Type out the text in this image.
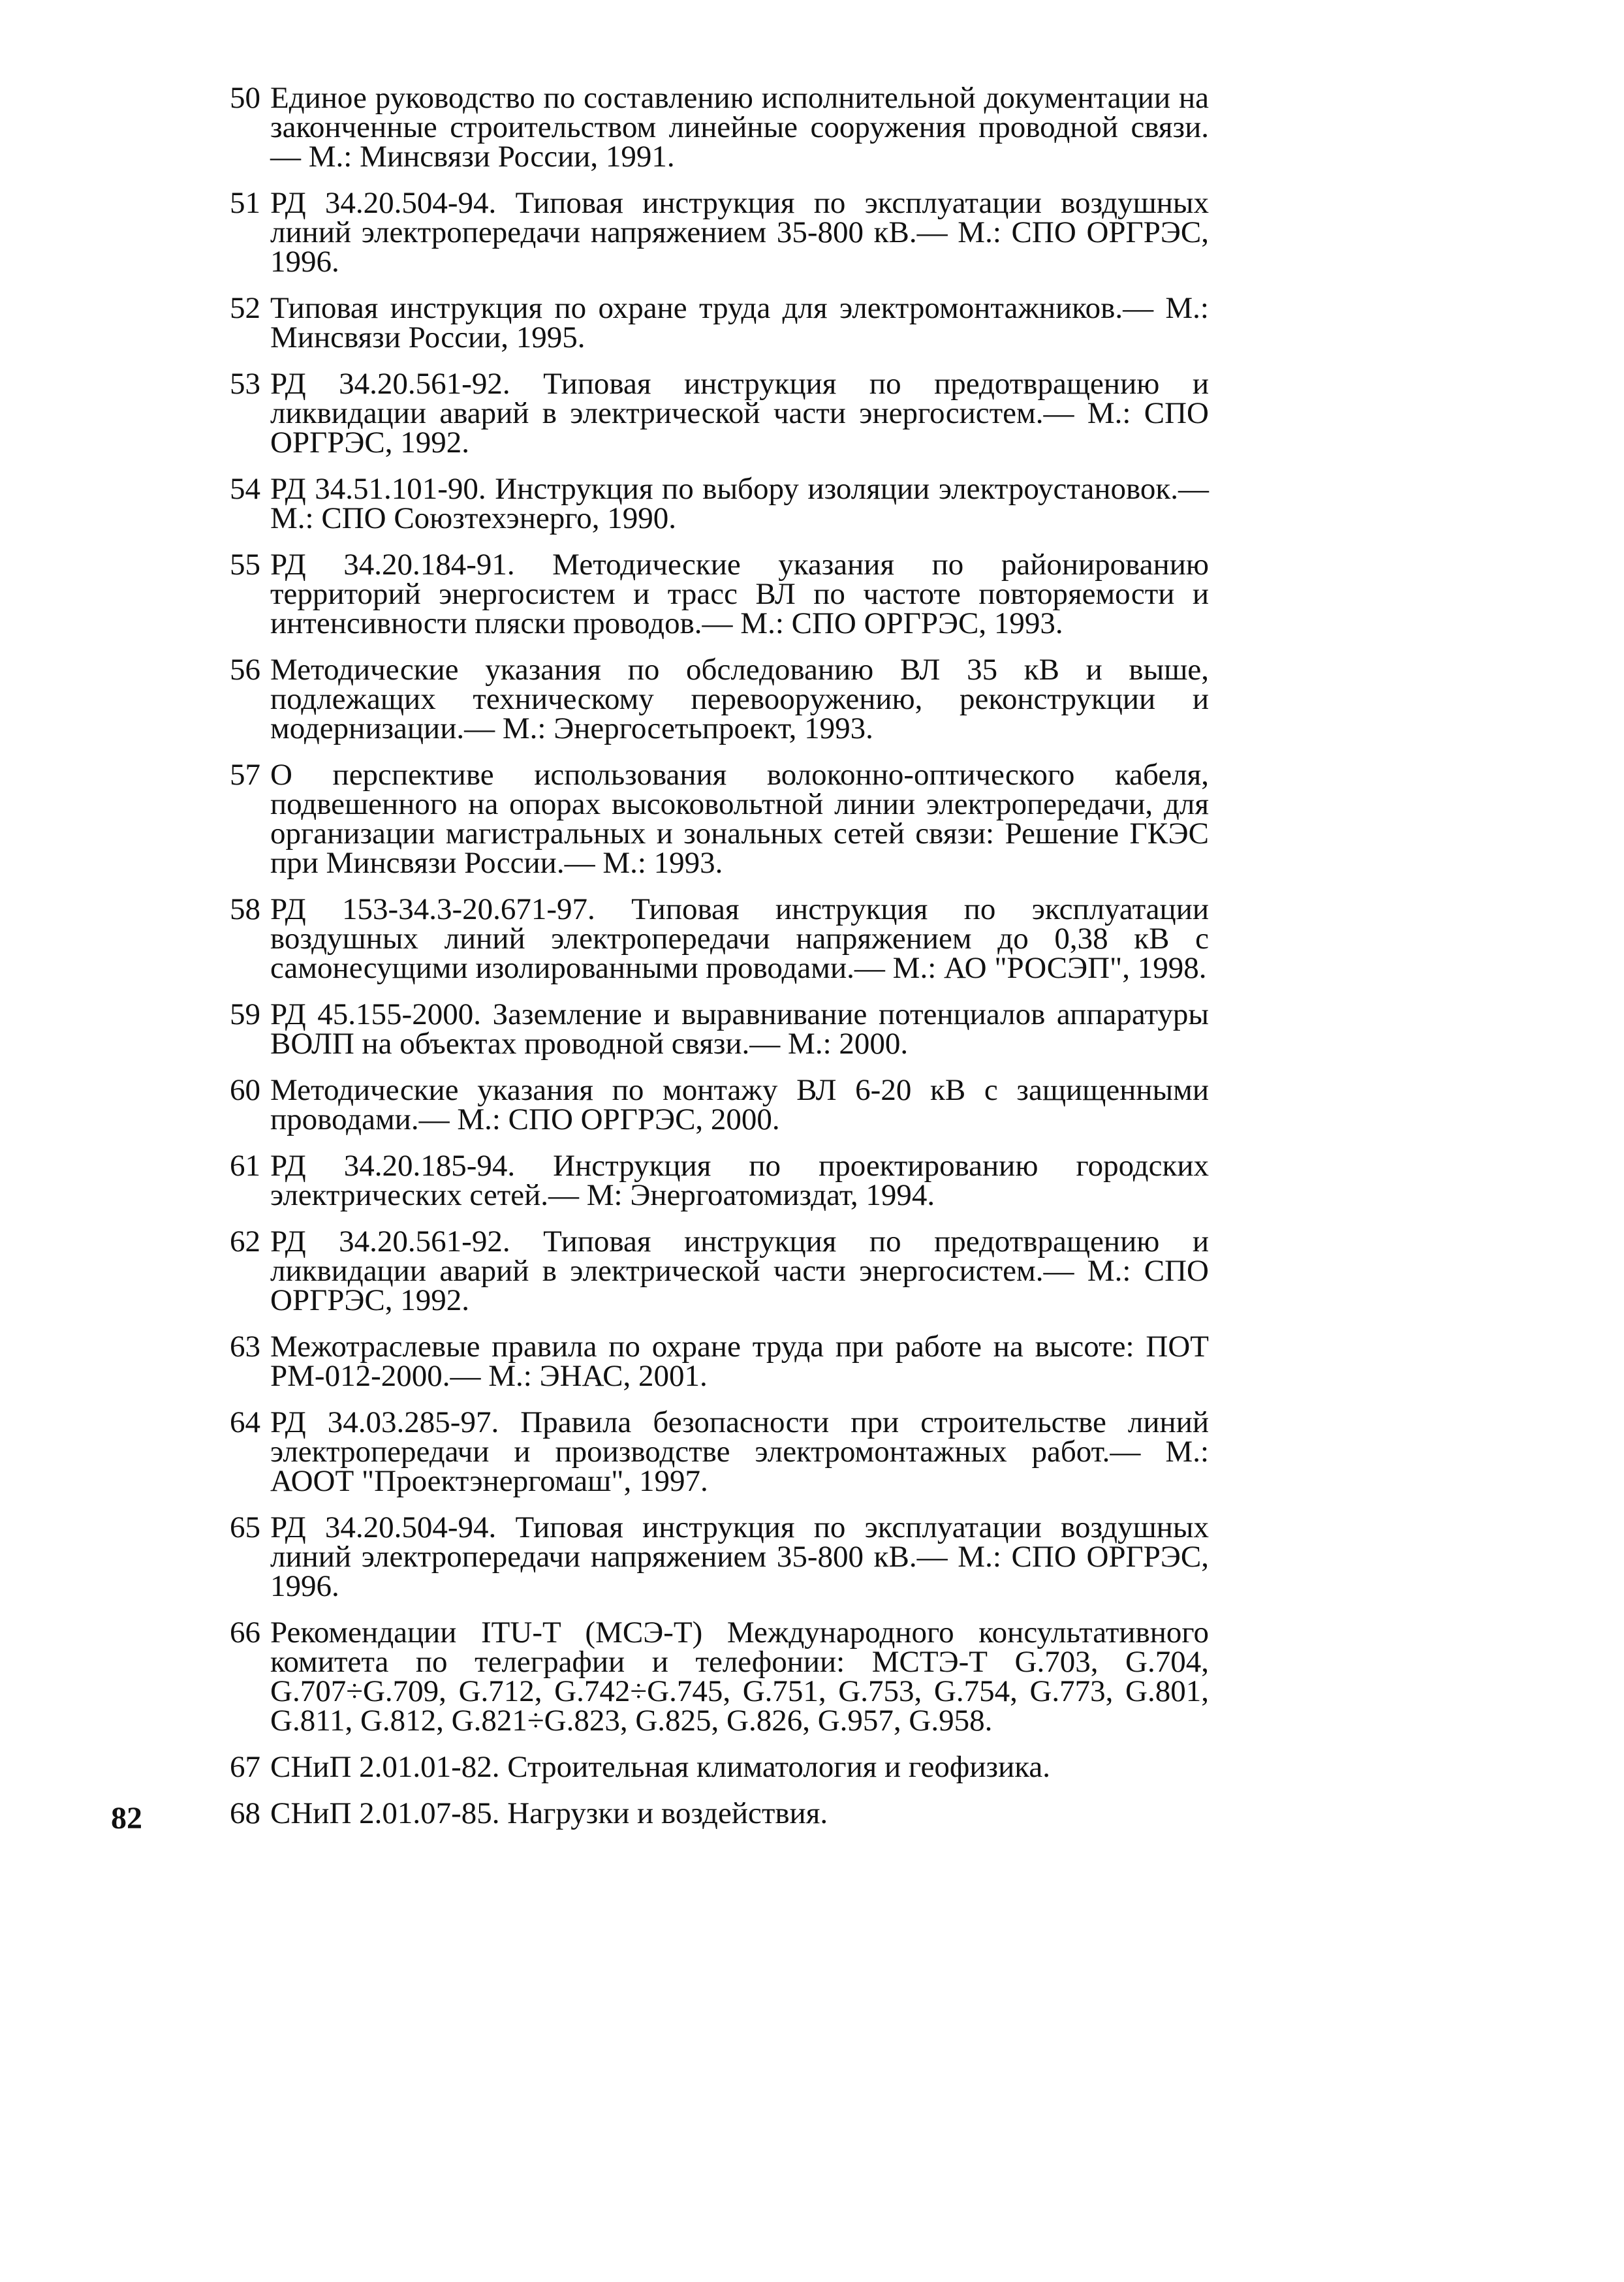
50 Единое руководство по составлению исполнительной документации на законченные строительством линейные сооружения проводной связи.— М.: Минсвязи России, 1991.
51 РД 34.20.504-94. Типовая инструкция по эксплуатации воздушных линий электропередачи напряжением 35-800 кВ.— М.: СПО ОРГРЭС, 1996.
52 Типовая инструкция по охране труда для электромонтажников.— М.: Минсвязи России, 1995.
53 РД 34.20.561-92. Типовая инструкция по предотвращению и ликвидации аварий в электрической части энергосистем.— М.: СПО ОРГРЭС, 1992.
54 РД 34.51.101-90. Инструкция по выбору изоляции электроустановок.— М.: СПО Союзтехэнерго, 1990.
55 РД 34.20.184-91. Методические указания по районированию территорий энергосистем и трасс ВЛ по частоте повторяемости и интенсивности пляски проводов.— М.: СПО ОРГРЭС, 1993.
56 Методические указания по обследованию ВЛ 35 кВ и выше, подлежащих техническому перевооружению, реконструкции и модернизации.— М.: Энергосетьпроект, 1993.
57 О перспективе использования волоконно-оптического кабеля, подвешенного на опорах высоковольтной линии электропередачи, для организации магистральных и зональных сетей связи: Решение ГКЭС при Минсвязи России.— М.: 1993.
58 РД 153-34.3-20.671-97. Типовая инструкция по эксплуатации воздушных линий электропередачи напряжением до 0,38 кВ с самонесущими изолированными проводами.— М.: АО "РОСЭП", 1998.
59 РД 45.155-2000. Заземление и выравнивание потенциалов аппаратуры ВОЛП на объектах проводной связи.— М.: 2000.
60 Методические указания по монтажу ВЛ 6-20 кВ с защищенными проводами.— М.: СПО ОРГРЭС, 2000.
61 РД 34.20.185-94. Инструкция по проектированию городских электрических сетей.— М: Энергоатомиздат, 1994.
62 РД 34.20.561-92. Типовая инструкция по предотвращению и ликвидации аварий в электрической части энергосистем.— М.: СПО ОРГРЭС, 1992.
63 Межотраслевые правила по охране труда при работе на высоте: ПОТ РМ-012-2000.— М.: ЭНАС, 2001.
64 РД 34.03.285-97. Правила безопасности при строительстве линий электропередачи и производстве электромонтажных работ.— М.: АООТ "Проектэнергомаш", 1997.
65 РД 34.20.504-94. Типовая инструкция по эксплуатации воздушных линий электропередачи напряжением 35-800 кВ.— М.: СПО ОРГРЭС, 1996.
66 Рекомендации ITU-T (МСЭ-Т) Международного консультативного комитета по телеграфии и телефонии: МСТЭ-Т G.703, G.704, G.707÷G.709, G.712, G.742÷G.745, G.751, G.753, G.754, G.773, G.801, G.811, G.812, G.821÷G.823, G.825, G.826, G.957, G.958.
67 СНиП 2.01.01-82. Строительная климатология и геофизика.
68 СНиП 2.01.07-85. Нагрузки и воздействия.
82
